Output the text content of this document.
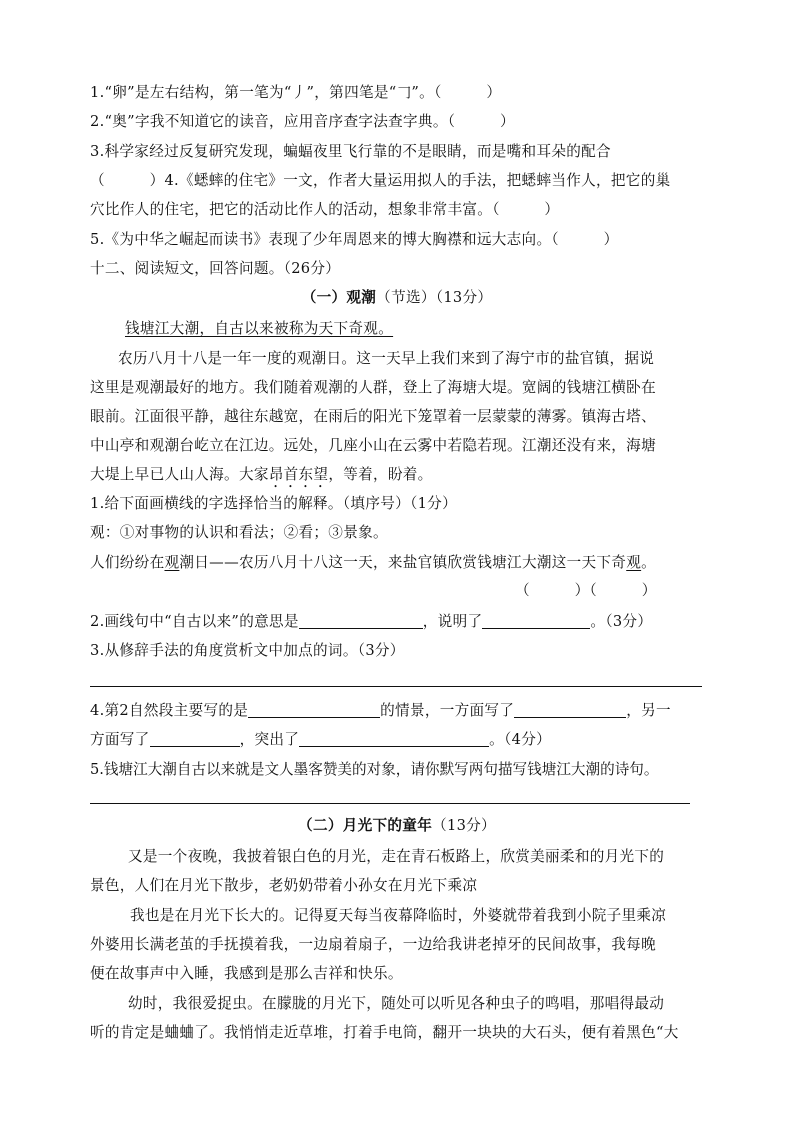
1.“卵”是左右结构，第一笔为“丿”，第四笔是“𠃌”。（　　　）
2.“奥”字我不知道它的读音，应用音序查字法查字典。（　　　）
3.科学家经过反复研究发现，蝙蝠夜里飞行靠的不是眼睛，而是嘴和耳朵的配合
（　　　）4.《蟋蟀的住宅》一文，作者大量运用拟人的手法，把蟋蟀当作人，把它的巢
穴比作人的住宅，把它的活动比作人的活动，想象非常丰富。（　　　）
5.《为中华之崛起而读书》表现了少年周恩来的博大胸襟和远大志向。（　　　）
十二、阅读短文，回答问题。（26分）
（一）观潮（节选）（13分）
钱塘江大潮，自古以来被称为天下奇观。
农历八月十八是一年一度的观潮日。这一天早上我们来到了海宁市的盐官镇，据说
这里是观潮最好的地方。我们随着观潮的人群，登上了海塘大堤。宽阔的钱塘江横卧在
眼前。江面很平静，越往东越宽，在雨后的阳光下笼罩着一层蒙蒙的薄雾。镇海古塔、
中山亭和观潮台屹立在江边。远处，几座小山在云雾中若隐若现。江潮还没有来，海塘
大堤上早已人山人海。大家昂首东望，等着，盼着。
1.给下面画横线的字选择恰当的解释。（填序号）（1分）
观：①对事物的认识和看法；②看；③景象。
人们纷纷在观潮日——农历八月十八这一天，来盐官镇欣赏钱塘江大潮这一天下奇观。
（　　　）（　　　）
2.画线句中“自古以来”的意思是	，说明了	。（3分）
3.从修辞手法的角度赏析文中加点的词。（3分）
4.第2自然段主要写的是	的情景，一方面写了	，另一
方面写了	，突出了	。（4分）
5.钱塘江大潮自古以来就是文人墨客赞美的对象，请你默写两句描写钱塘江大潮的诗句。
（二）月光下的童年（13分）
又是一个夜晚，我披着银白色的月光，走在青石板路上，欣赏美丽柔和的月光下的
景色，人们在月光下散步，老奶奶带着小孙女在月光下乘凉
我也是在月光下长大的。记得夏天每当夜幕降临时，外婆就带着我到小院子里乘凉
外婆用长满老茧的手抚摸着我，一边扇着扇子，一边给我讲老掉牙的民间故事，我每晚
便在故事声中入睡，我感到是那么吉祥和快乐。
幼时，我很爱捉虫。在朦胧的月光下，随处可以听见各种虫子的鸣唱，那唱得最动
听的肯定是蛐蛐了。我悄悄走近草堆，打着手电筒，翻开一块块的大石头，便有着黑色“大
